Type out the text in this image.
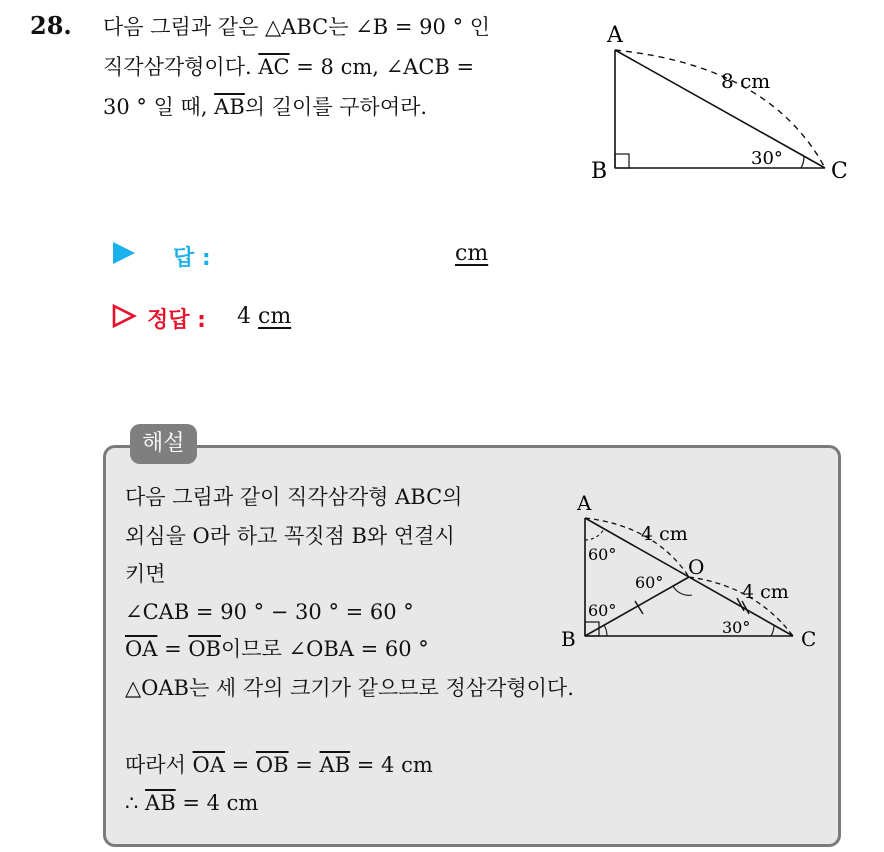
28. 다음 그림과 같은 △ABC는 ∠B = 90 ° 인
직각삼각형이다. $\overline{AC} = 8$ cm, ∠ACB =
30 ° 일 때, $\overline{AB}$의 길이를 구하여라.
A
B	C
8 cm
30°
답 :	cm
정답 : 4 cm
해설
다음 그림과 같이 직각삼각형 ABC의
외심을 O라 하고 꼭짓점 B와 연결시
키면
∠CAB = 90 ° − 30 ° = 60 °
$\overline{OA} = \overline{OB}$이므로 ∠OBA = 60 °
△OAB는 세 각의 크기가 같으므로 정삼각형이다.
따라서 $\overline{OA} = \overline{OB} = \overline{AB} = 4$ cm
∴ $\overline{AB} = 4$ cm
A
B	C
O
4 cm
4 cm
60°
60°
60°
30°
